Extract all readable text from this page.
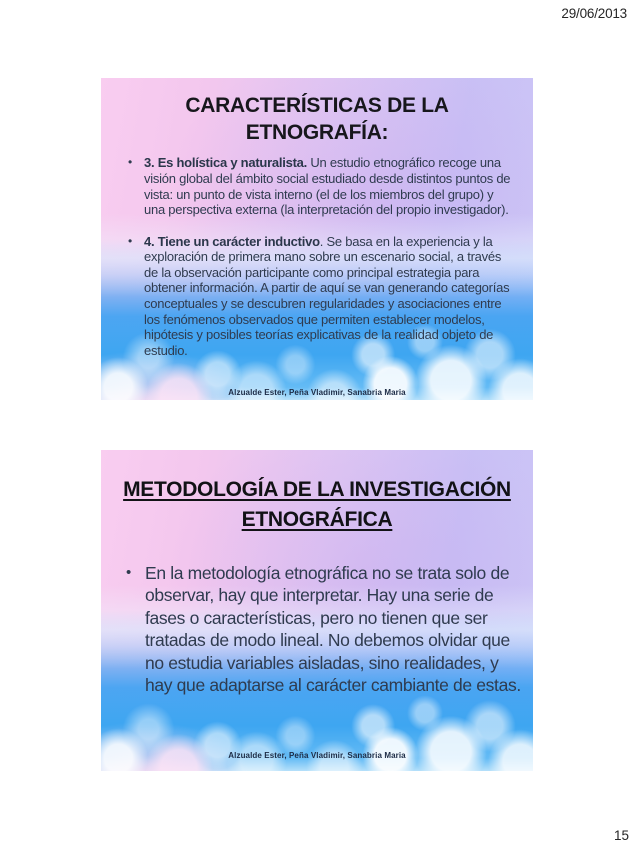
29/06/2013
CARACTERÍSTICAS DE LA
ETNOGRAFÍA:
• 3. Es holística y naturalista. Un estudio etnográfico recoge una visión global del ámbito social estudiado desde distintos puntos de vista: un punto de vista interno (el de los miembros del grupo) y una perspectiva externa (la interpretación del propio investigador).

• 4. Tiene un carácter inductivo. Se basa en la experiencia y la exploración de primera mano sobre un escenario social, a través de la observación participante como principal estrategia para obtener información. A partir de aquí se van generando categorías conceptuales y se descubren regularidades y asociaciones entre los fenómenos observados que permiten establecer modelos, hipótesis y posibles teorías explicativas de la realidad objeto de estudio.

Alzualde Ester, Peña Vladimir, Sanabria Maria
METODOLOGÍA DE LA INVESTIGACIÓN
ETNOGRÁFICA
• En la metodología etnográfica no se trata solo de observar, hay que interpretar. Hay una serie de fases o características, pero no tienen que ser tratadas de modo lineal. No debemos olvidar que no estudia variables aisladas, sino realidades, y hay que adaptarse al carácter cambiante de estas.

Alzualde Ester, Peña Vladimir, Sanabria Maria
15
